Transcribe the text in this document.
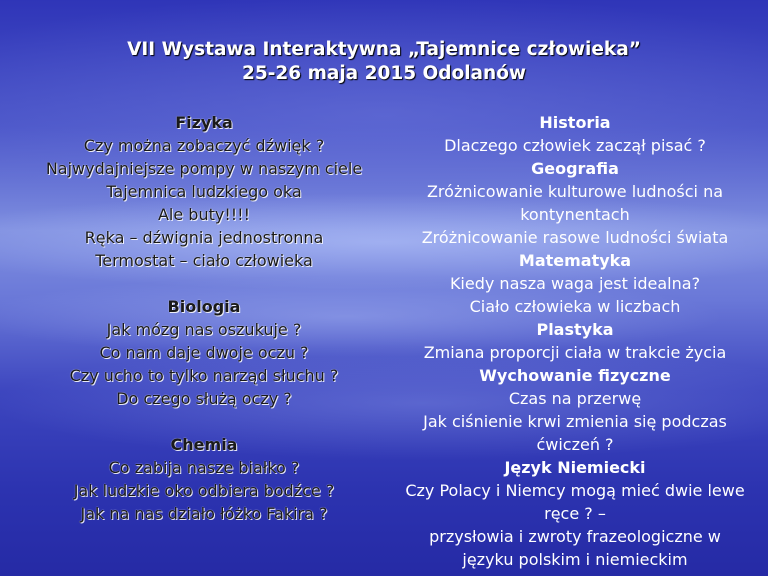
VII Wystawa Interaktywna „Tajemnice człowieka”
25-26 maja 2015 Odolanów
Fizyka
Czy można zobaczyć dźwięk ?
Najwydajniejsze pompy w naszym ciele
Tajemnica ludzkiego oka
Ale buty!!!!
Ręka – dźwignia jednostronna
Termostat – ciało człowieka
Biologia
Jak mózg nas oszukuje ?
Co nam daje dwoje oczu ?
Czy ucho to tylko narząd słuchu ?
Do czego służą oczy ?
Chemia
Co zabija nasze białko ?
Jak ludzkie oko odbiera bodźce ?
Jak na nas działo łóżko Fakira ?
Historia
Dlaczego człowiek zaczął pisać ?
Geografia
Zróżnicowanie kulturowe ludności na
kontynentach
Zróżnicowanie rasowe ludności świata
Matematyka
Kiedy nasza waga jest idealna?
Ciało człowieka w liczbach
Plastyka
Zmiana proporcji ciała w trakcie życia
Wychowanie fizyczne
Czas na przerwę
Jak ciśnienie krwi zmienia się podczas
ćwiczeń ?
Język Niemiecki
Czy Polacy i Niemcy mogą mieć dwie lewe
ręce ? –
przysłowia i zwroty frazeologiczne w
języku polskim i niemieckim
